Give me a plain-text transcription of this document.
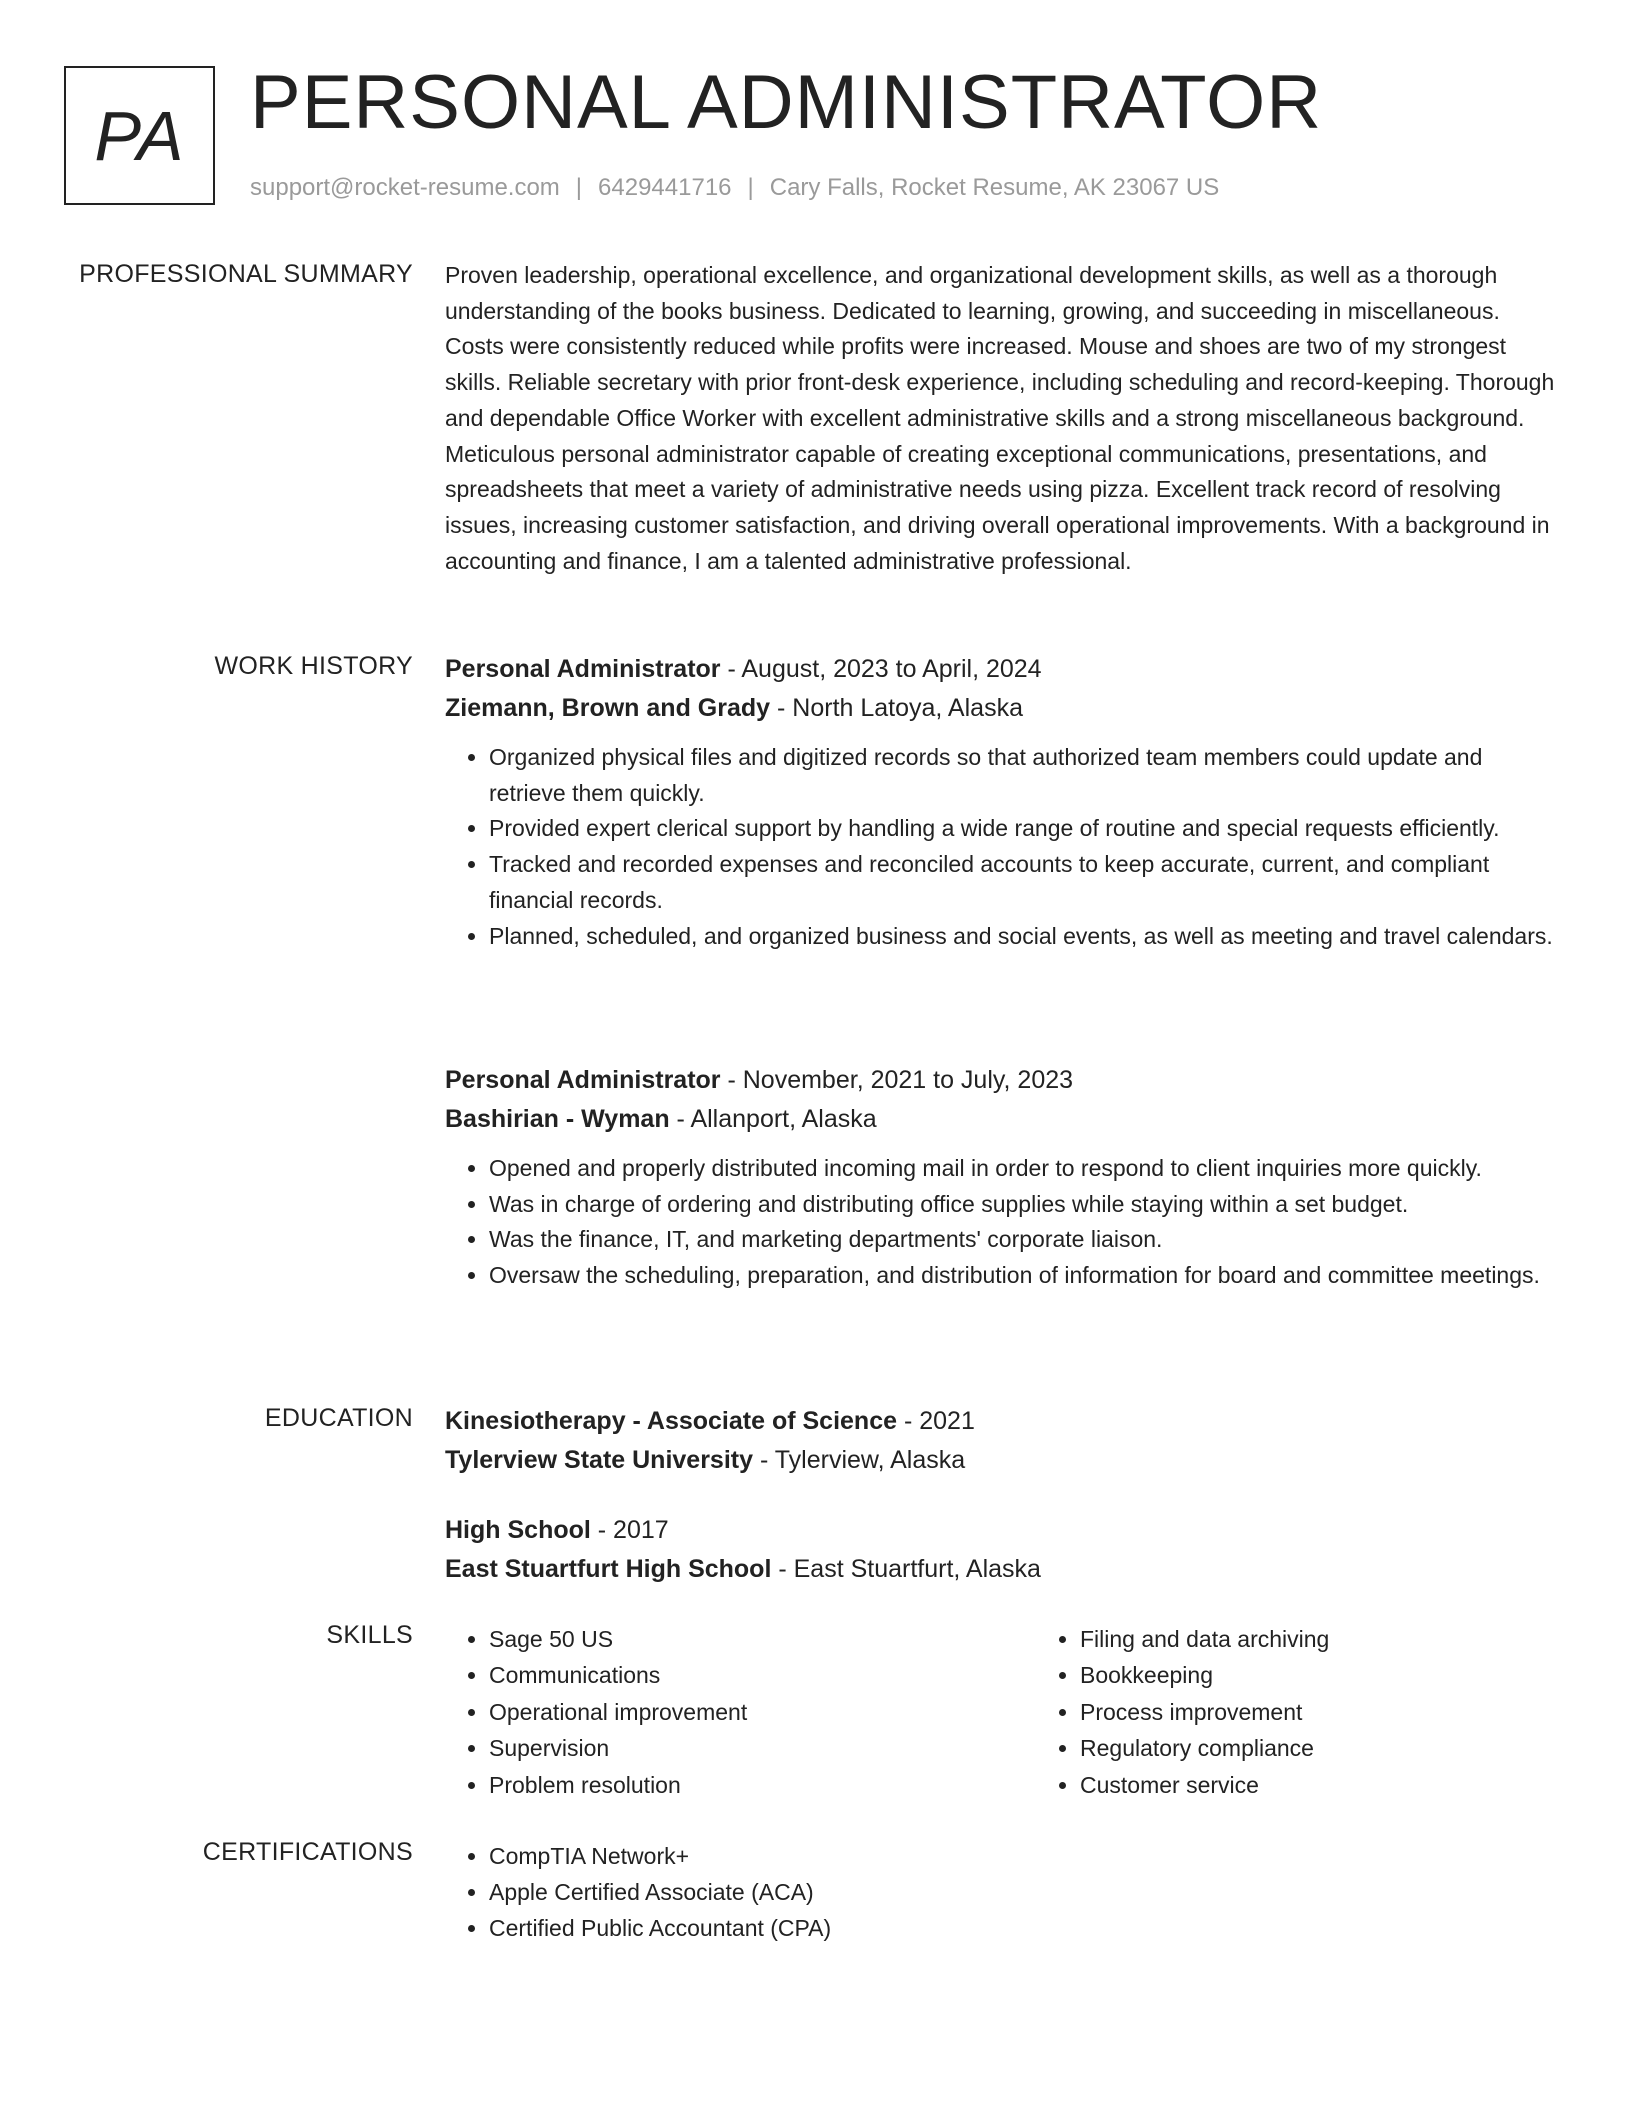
PA PERSONAL ADMINISTRATOR
support@rocket-resume.com | 6429441716 | Cary Falls, Rocket Resume, AK 23067 US
PROFESSIONAL SUMMARY Proven leadership, operational excellence, and organizational development skills, as well as a thorough understanding of the books business. Dedicated to learning, growing, and succeeding in miscellaneous. Costs were consistently reduced while profits were increased. Mouse and shoes are two of my strongest skills. Reliable secretary with prior front-desk experience, including scheduling and record-keeping. Thorough and dependable Office Worker with excellent administrative skills and a strong miscellaneous background. Meticulous personal administrator capable of creating exceptional communications, presentations, and spreadsheets that meet a variety of administrative needs using pizza. Excellent track record of resolving issues, increasing customer satisfaction, and driving overall operational improvements. With a background in accounting and finance, I am a talented administrative professional.

WORK HISTORY Personal Administrator - August, 2023 to April, 2024
Ziemann, Brown and Grady - North Latoya, Alaska
• Organized physical files and digitized records so that authorized team members could update and retrieve them quickly.
• Provided expert clerical support by handling a wide range of routine and special requests efficiently.
• Tracked and recorded expenses and reconciled accounts to keep accurate, current, and compliant financial records.
• Planned, scheduled, and organized business and social events, as well as meeting and travel calendars.
Personal Administrator - November, 2021 to July, 2023
Bashirian - Wyman - Allanport, Alaska
• Opened and properly distributed incoming mail in order to respond to client inquiries more quickly.
• Was in charge of ordering and distributing office supplies while staying within a set budget.
• Was the finance, IT, and marketing departments' corporate liaison.
• Oversaw the scheduling, preparation, and distribution of information for board and committee meetings.
EDUCATION Kinesiotherapy - Associate of Science - 2021
Tylerview State University - Tylerview, Alaska
High School - 2017
East Stuartfurt High School - East Stuartfurt, Alaska
SKILLS	• Sage 50 US
• Communications
• Operational improvement
• Supervision
• Problem resolution
• Filing and data archiving
• Bookkeeping
• Process improvement
• Regulatory compliance
• Customer service
CERTIFICATIONS	• CompTIA Network+
• Apple Certified Associate (ACA)
• Certified Public Accountant (CPA)
